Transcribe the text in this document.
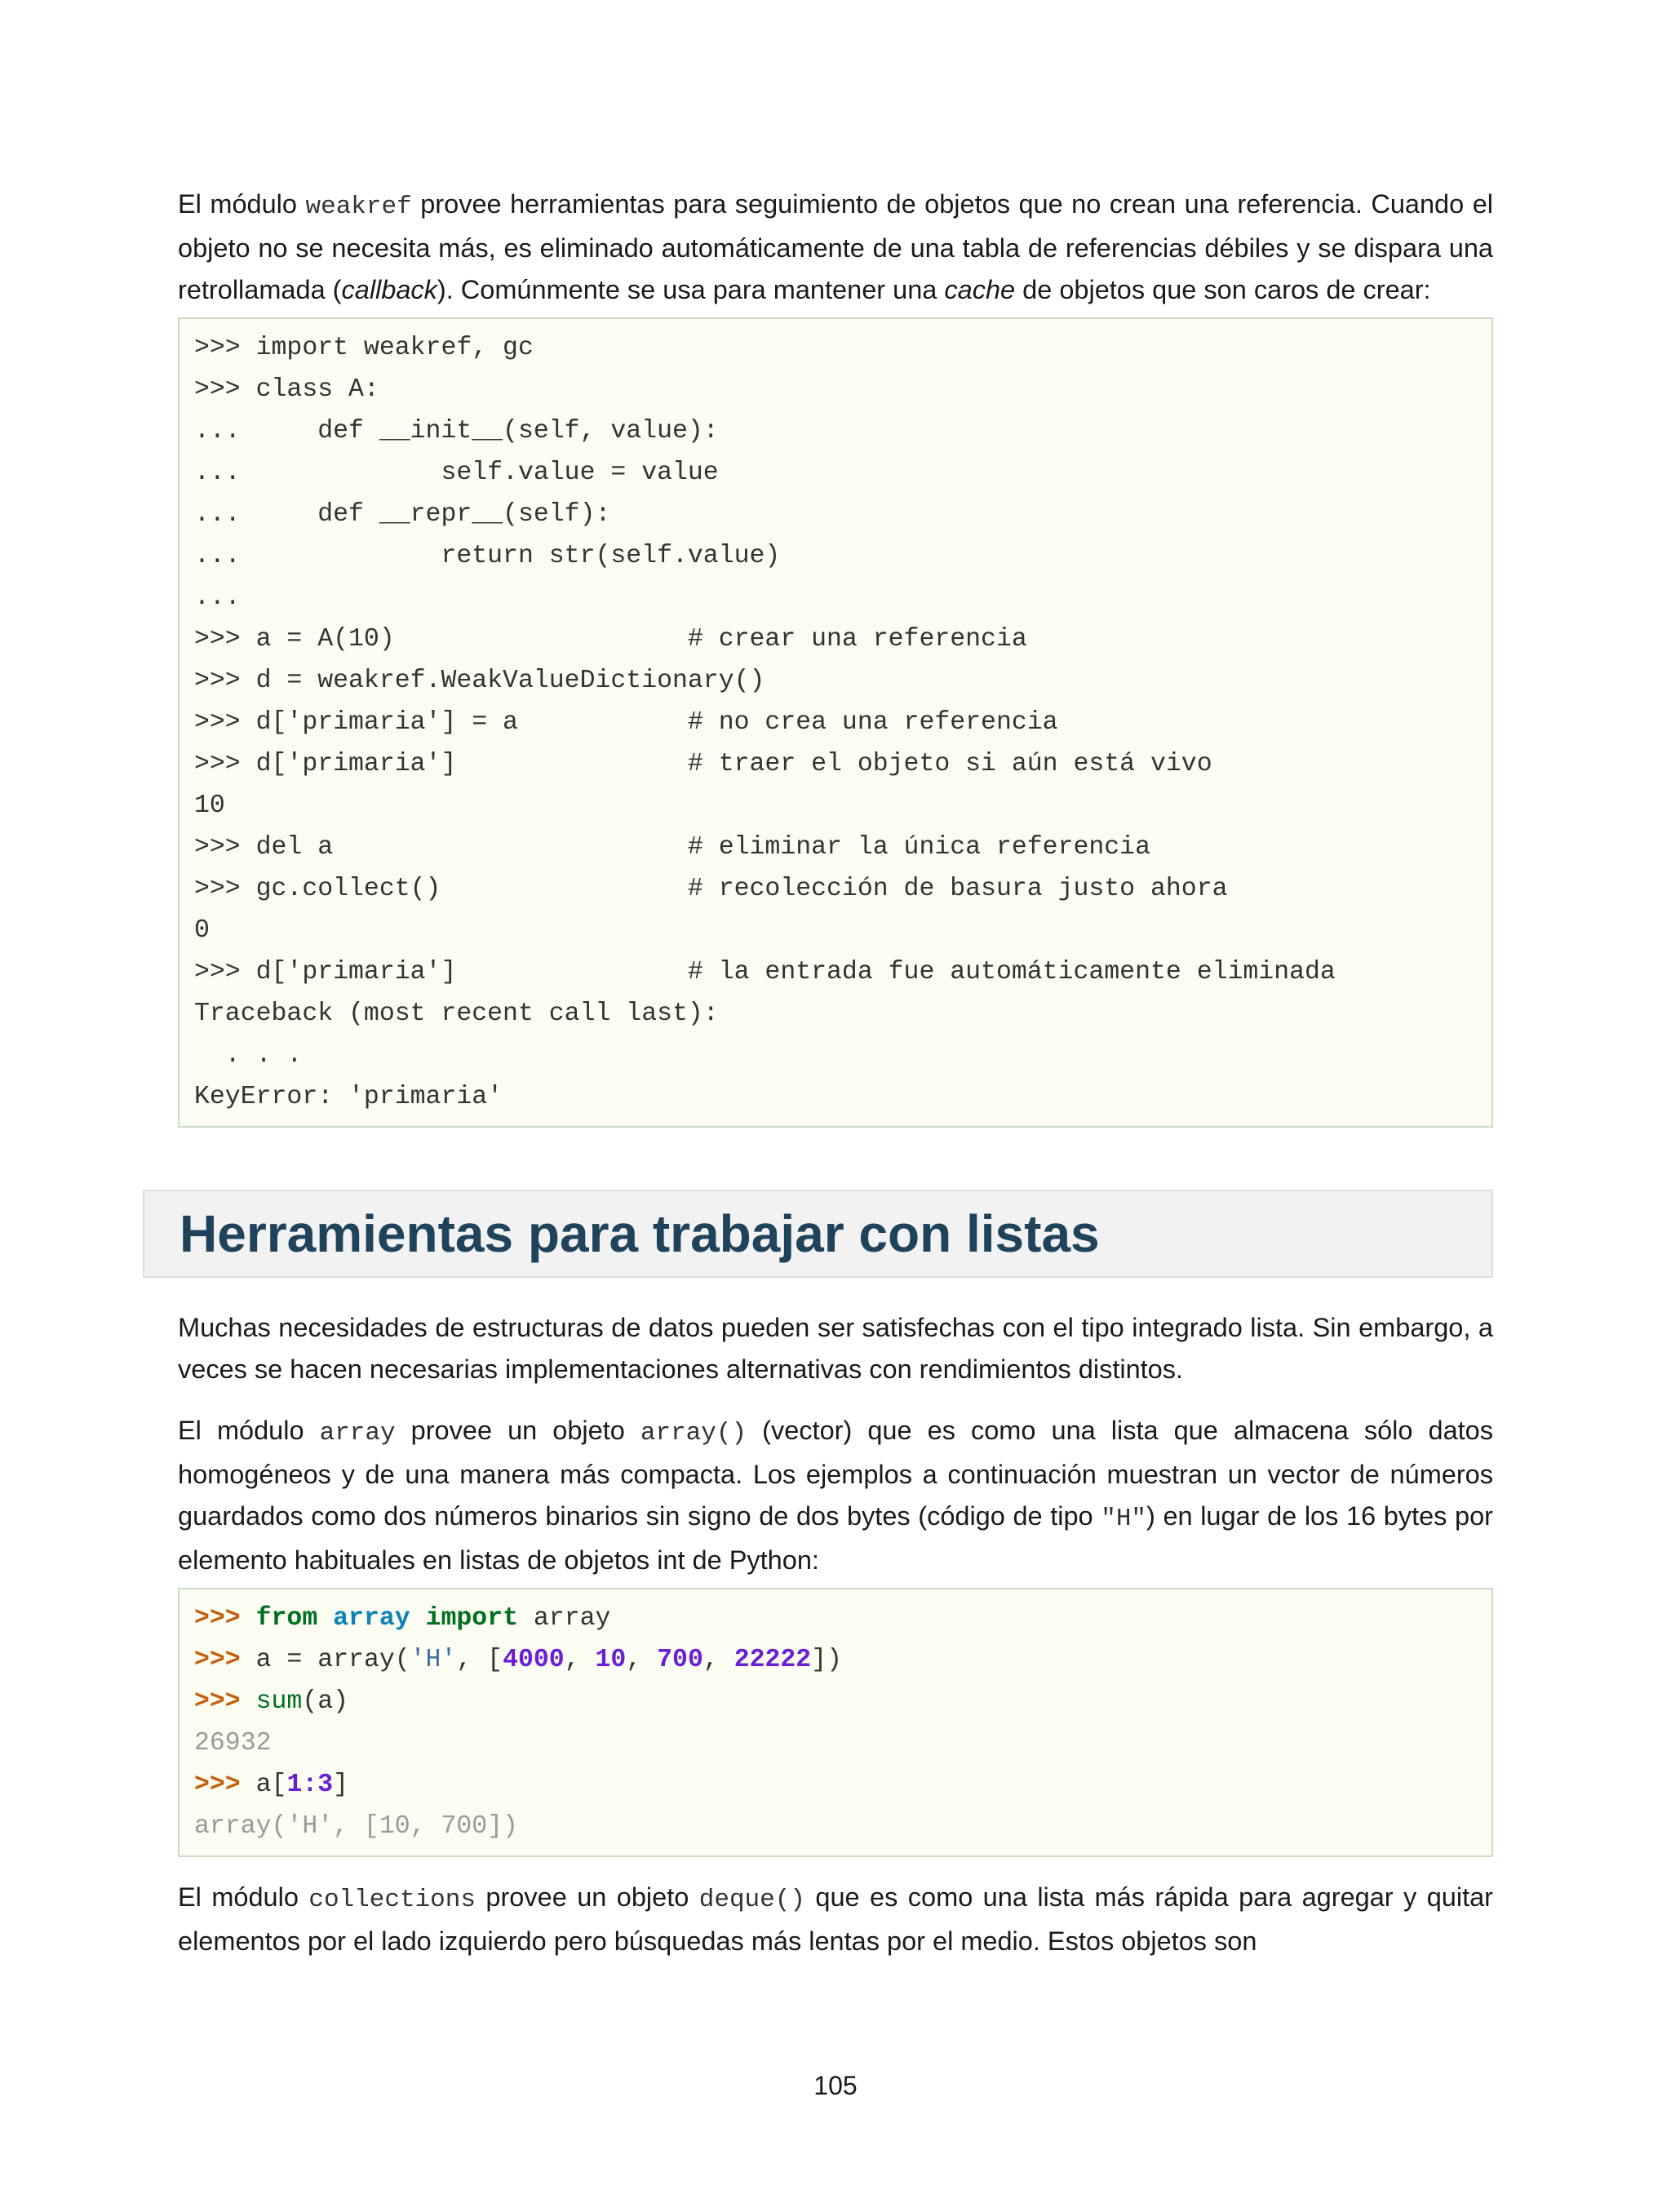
El módulo weakref provee herramientas para seguimiento de objetos que no crean una referencia. Cuando el objeto no se necesita más, es eliminado automáticamente de una tabla de referencias débiles y se dispara una retrollamada (callback). Comúnmente se usa para mantener una cache de objetos que son caros de crear:

>>> import weakref, gc
>>> class A:
...     def __init__(self, value):
...             self.value = value
...     def __repr__(self):
...             return str(self.value)
...
>>> a = A(10)                   # crear una referencia
>>> d = weakref.WeakValueDictionary()
>>> d['primaria'] = a           # no crea una referencia
>>> d['primaria']               # traer el objeto si aún está vivo
10
>>> del a                       # eliminar la única referencia
>>> gc.collect()                # recolección de basura justo ahora
0
>>> d['primaria']               # la entrada fue automáticamente eliminada
Traceback (most recent call last):
. . .
KeyError: 'primaria'
Herramientas para trabajar con listas

Muchas necesidades de estructuras de datos pueden ser satisfechas con el tipo integrado lista. Sin embargo, a veces se hacen necesarias implementaciones alternativas con rendimientos distintos.

El módulo array provee un objeto array() (vector) que es como una lista que almacena sólo datos homogéneos y de una manera más compacta. Los ejemplos a continuación muestran un vector de números guardados como dos números binarios sin signo de dos bytes (código de tipo "H") en lugar de los 16 bytes por elemento habituales en listas de objetos int de Python:

>>> from array import array
>>> a = array('H', [4000, 10, 700, 22222])
>>> sum(a)
26932
>>> a[1:3]
array('H', [10, 700])

El módulo collections provee un objeto deque() que es como una lista más rápida para agregar y quitar elementos por el lado izquierdo pero búsquedas más lentas por el medio. Estos objetos son

105
